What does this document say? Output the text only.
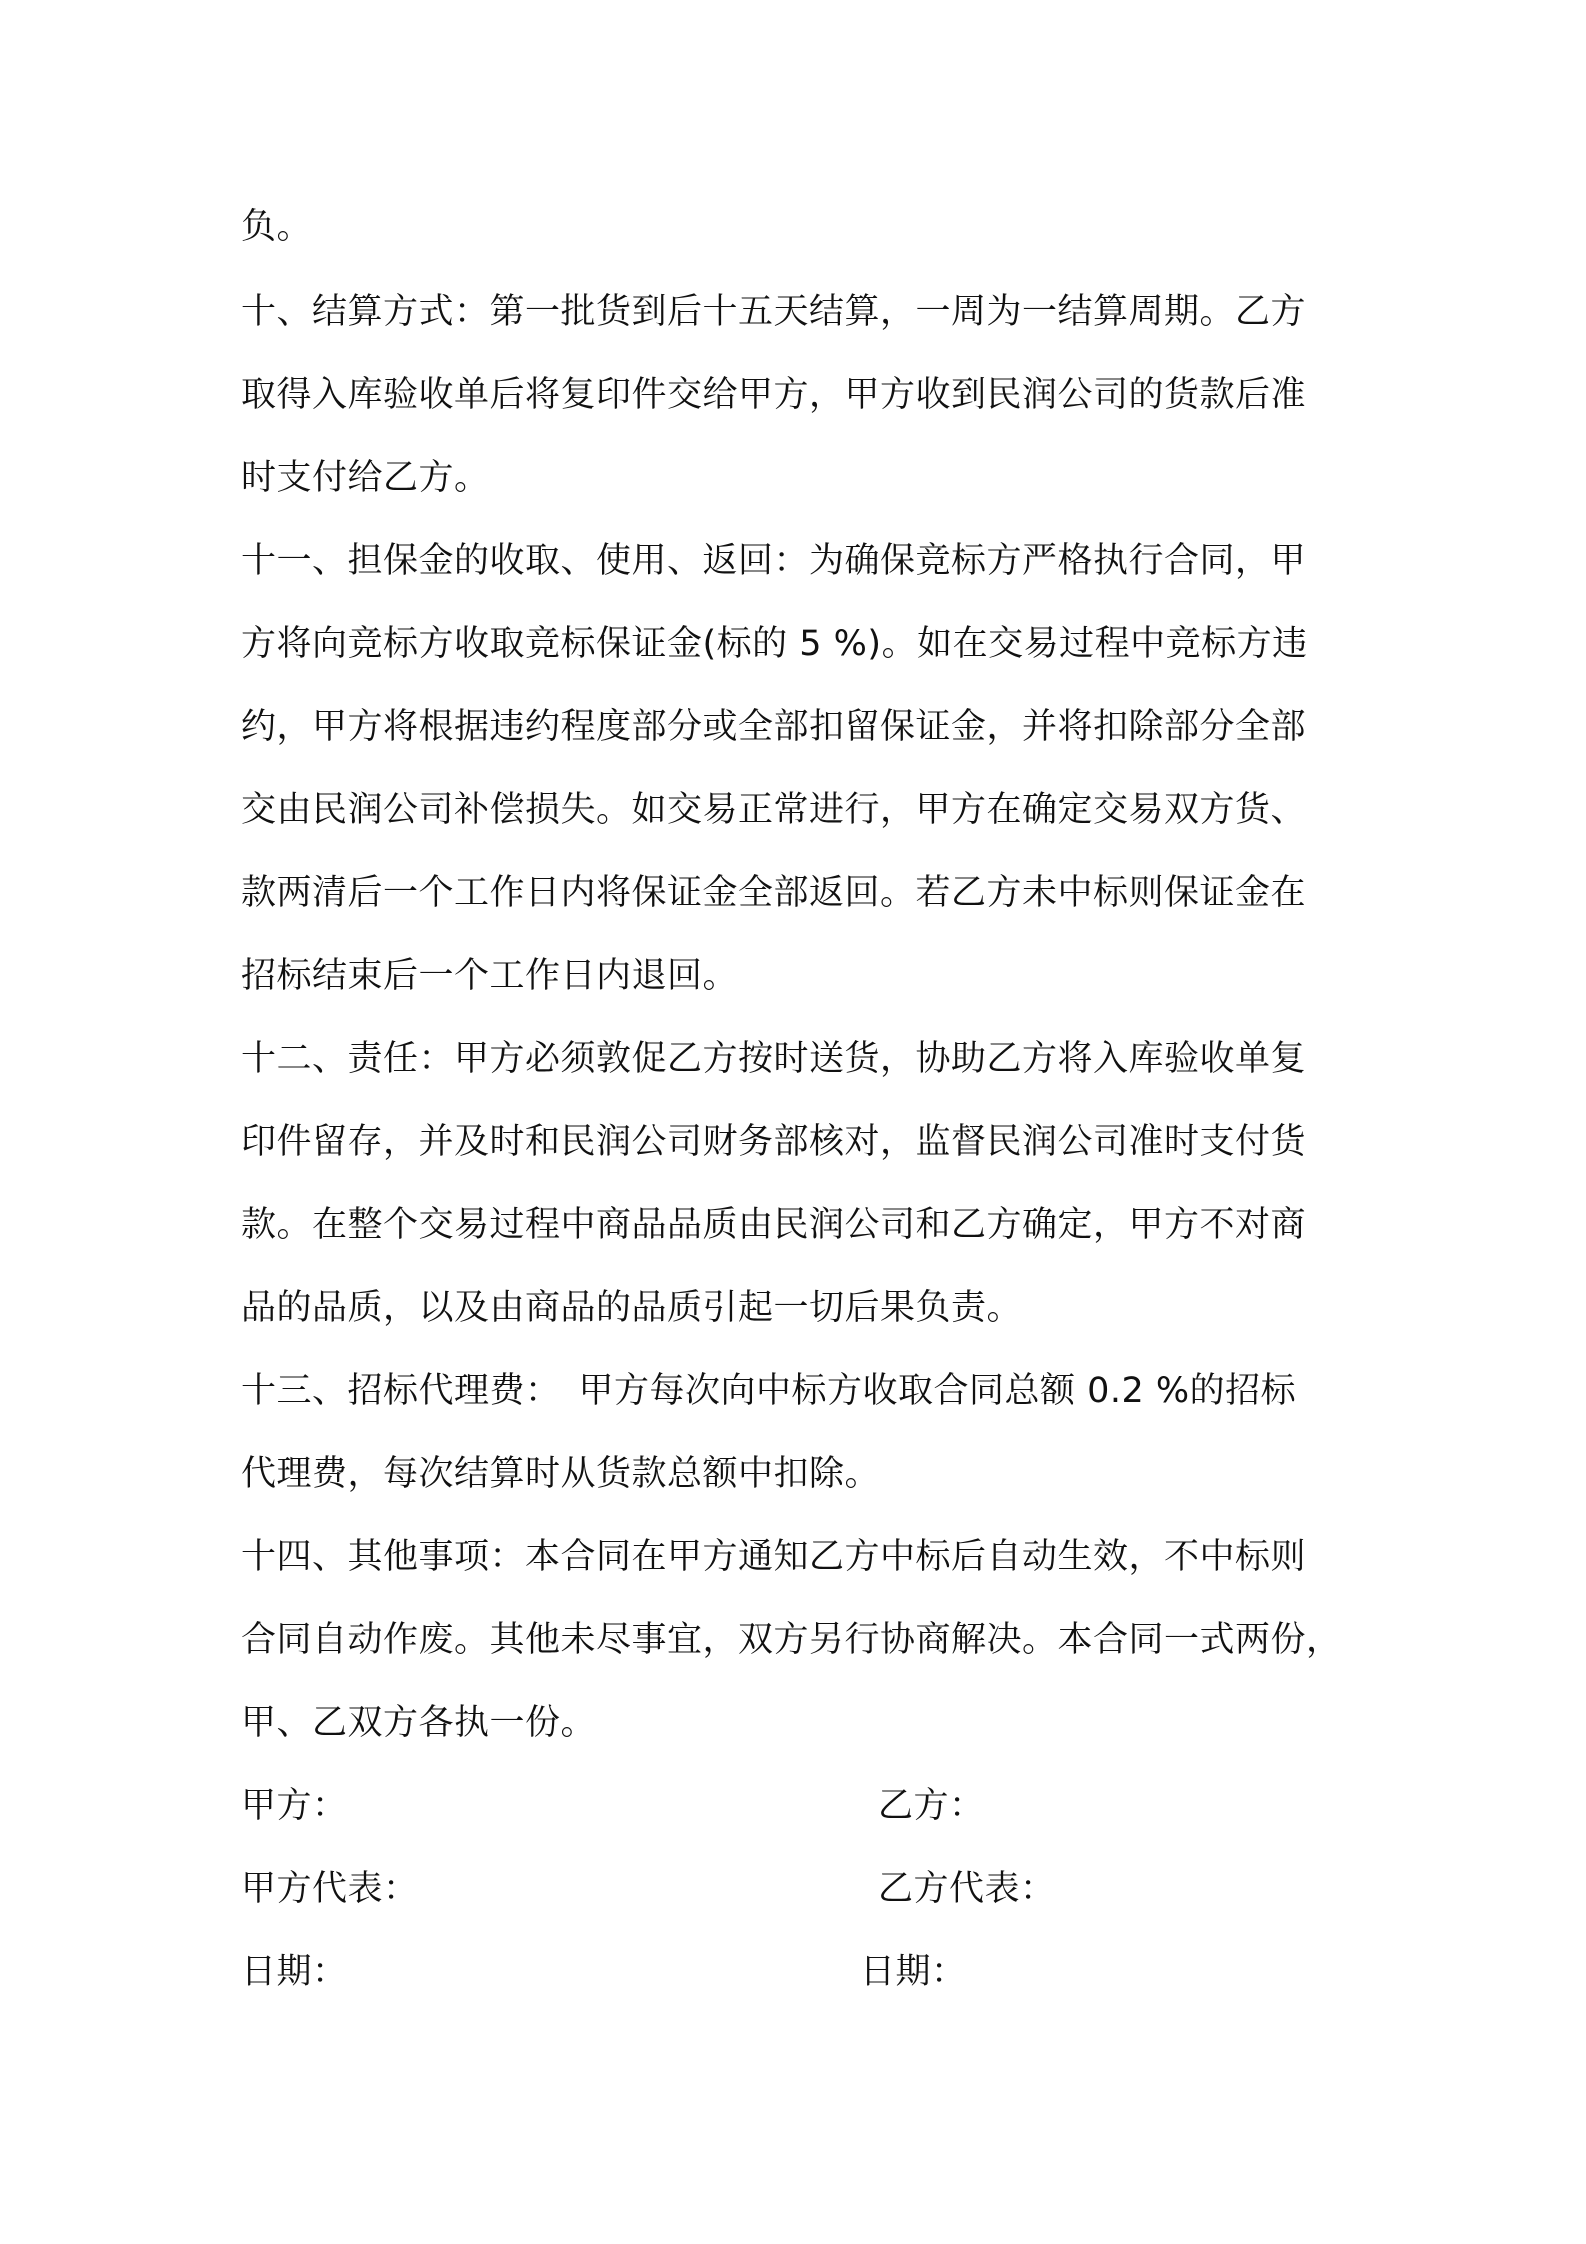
负。
十、结算方式：第一批货到后十五天结算，一周为一结算周期。乙方
取得入库验收单后将复印件交给甲方，甲方收到民润公司的货款后准
时支付给乙方。
十一、担保金的收取、使用、返回：为确保竞标方严格执行合同，甲
方将向竞标方收取竞标保证金(标的 5 %)。如在交易过程中竞标方违
约，甲方将根据违约程度部分或全部扣留保证金，并将扣除部分全部
交由民润公司补偿损失。如交易正常进行，甲方在确定交易双方货、
款两清后一个工作日内将保证金全部返回。若乙方未中标则保证金在
招标结束后一个工作日内退回。
十二、责任：甲方必须敦促乙方按时送货，协助乙方将入库验收单复
印件留存，并及时和民润公司财务部核对，监督民润公司准时支付货
款。在整个交易过程中商品品质由民润公司和乙方确定，甲方不对商
品的品质，以及由商品的品质引起一切后果负责。
十三、招标代理费：　甲方每次向中标方收取合同总额 0.2 %的招标
代理费，每次结算时从货款总额中扣除。
十四、其他事项：本合同在甲方通知乙方中标后自动生效，不中标则
合同自动作废。其他未尽事宜，双方另行协商解决。本合同一式两份，
甲、乙双方各执一份。
甲方：	乙方：
甲方代表：	乙方代表：
日期：	日期：
